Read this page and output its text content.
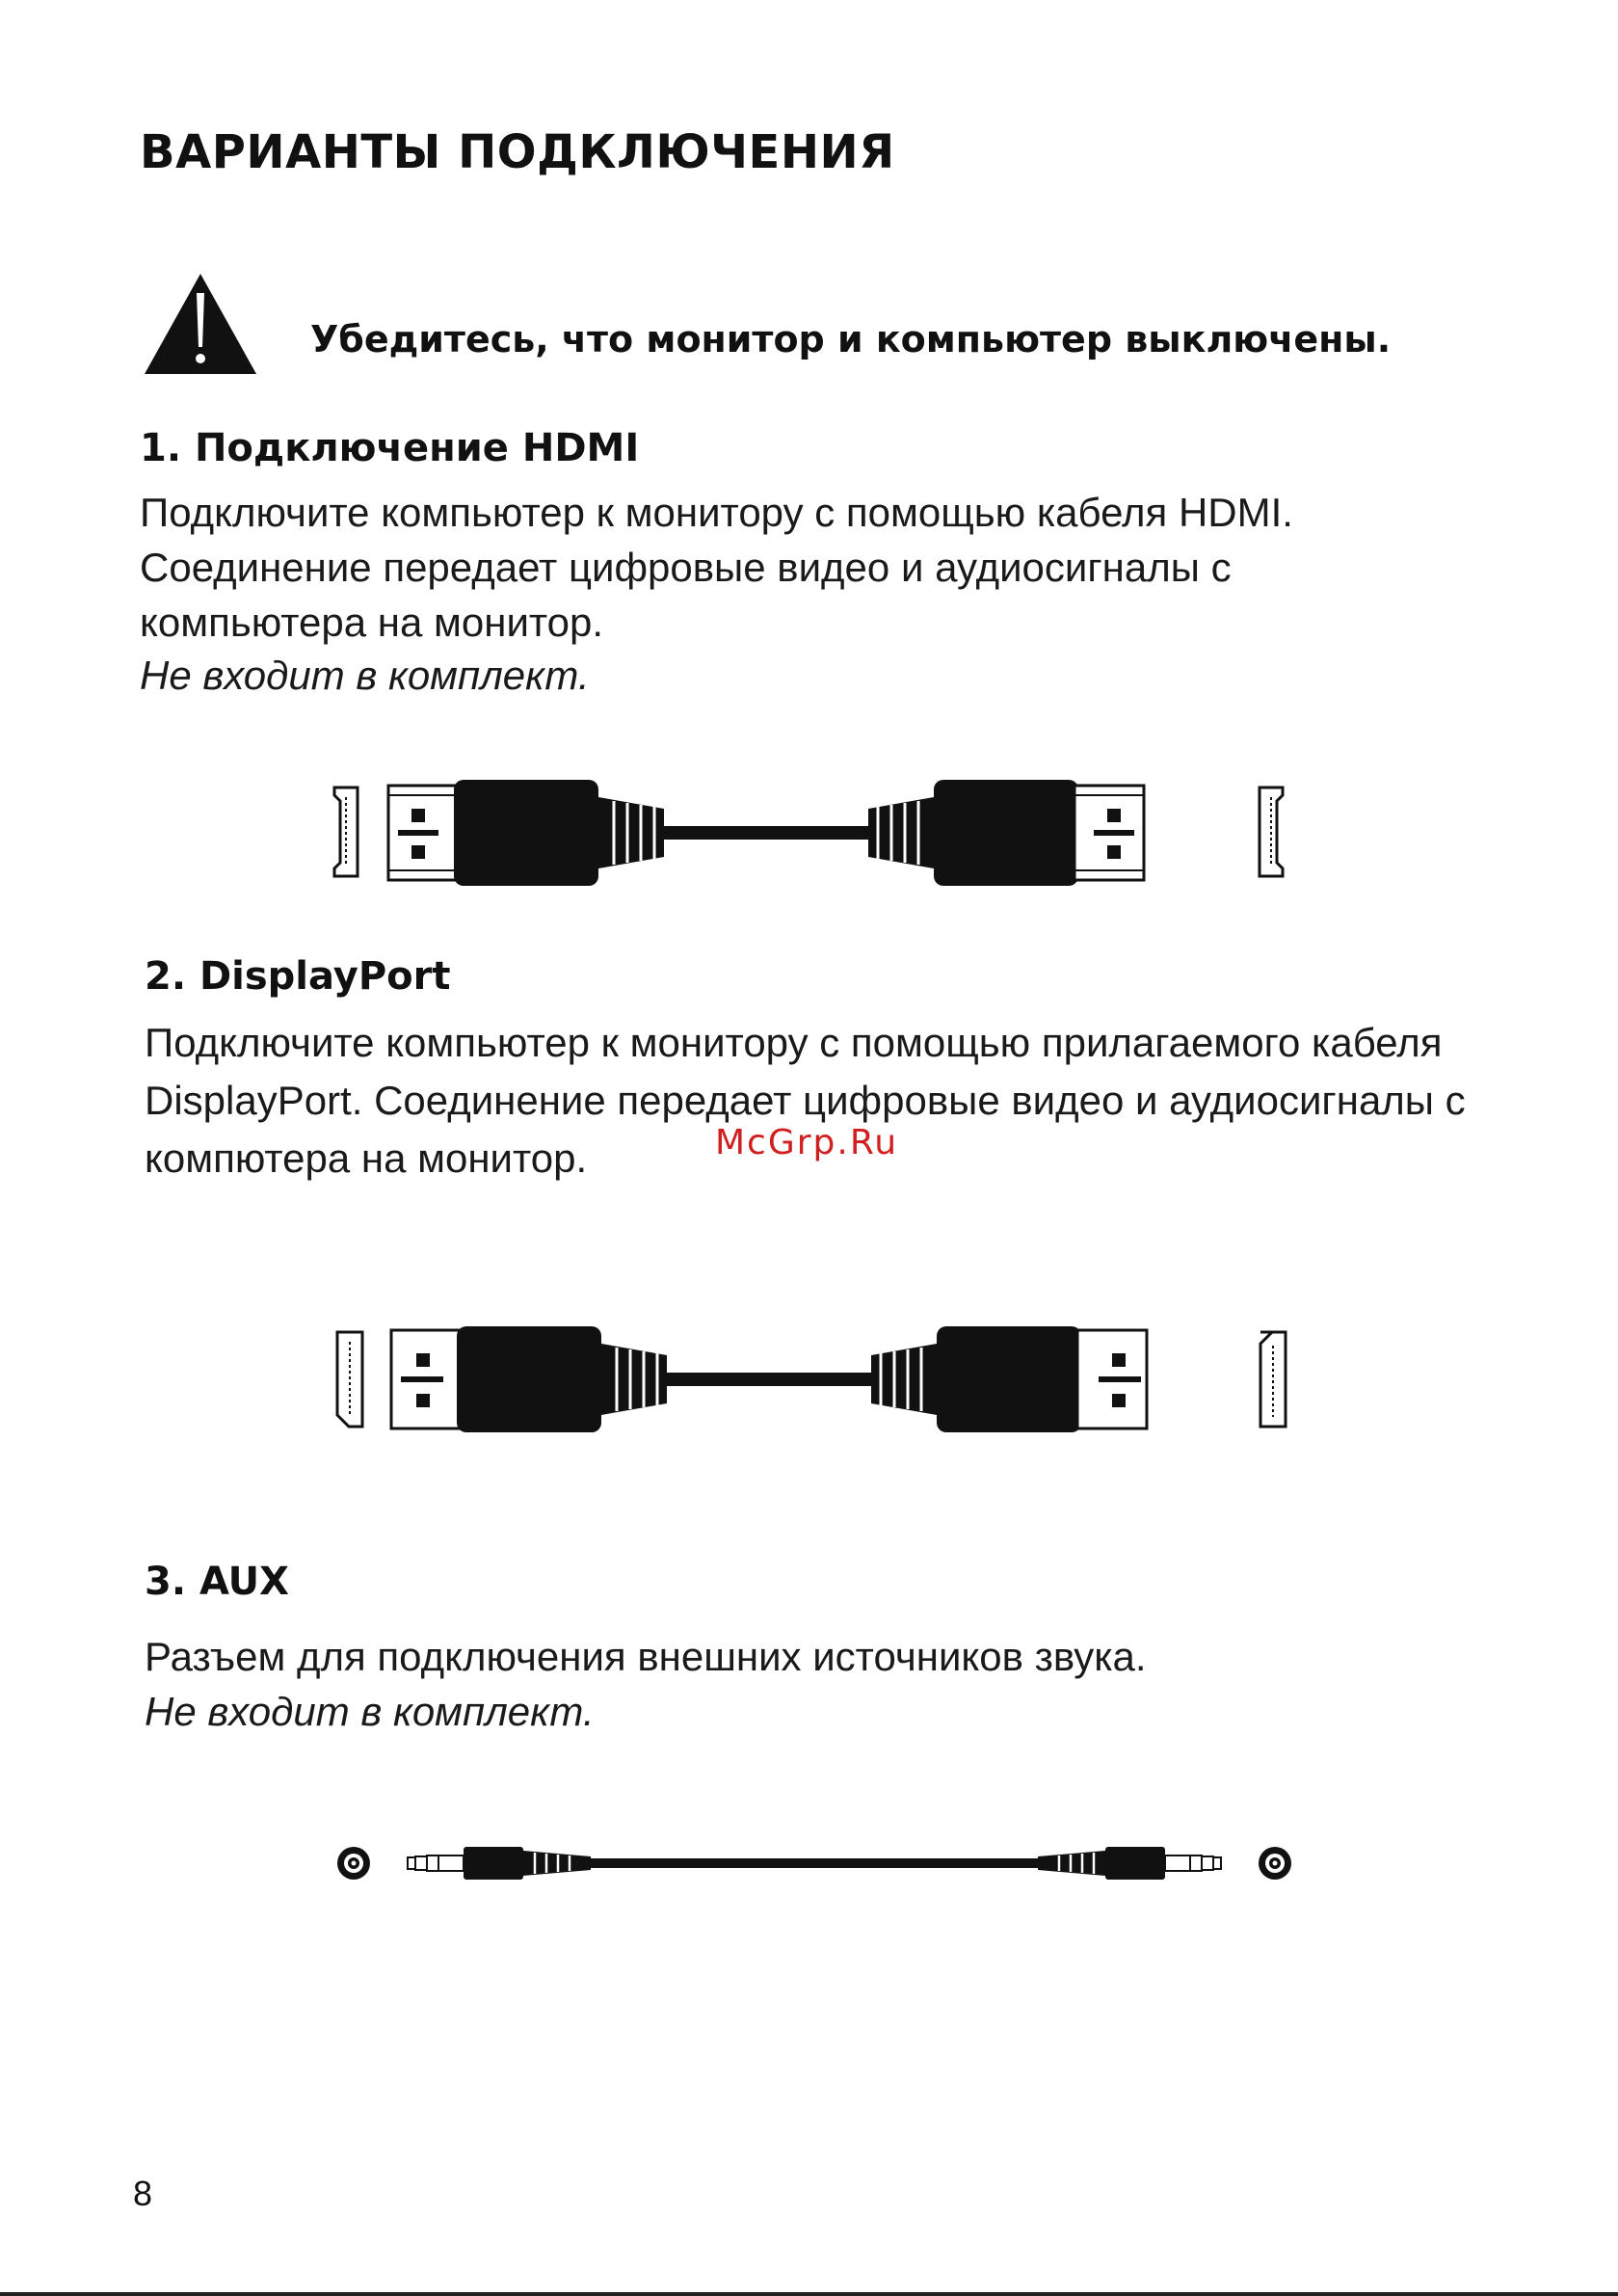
ВАРИАНТЫ ПОДКЛЮЧЕНИЯ
Убедитесь, что монитор и компьютер выключены.
1. Подключение HDMI
Подключите компьютер к монитору с помощью кабеля HDMI.
Соединение передает цифровые видео и аудиосигналы с
компьютера на монитор.
Не входит в комплект.
2. DisplayPort
Подключите компьютер к монитору с помощью прилагаемого кабеля
DisplayPort. Соединение передает цифровые видео и аудиосигналы с
компютера на монитор.
3. AUX
Разъем для подключения внешних источников звука.
Не входит в комплект.
McGrp.Ru
8
